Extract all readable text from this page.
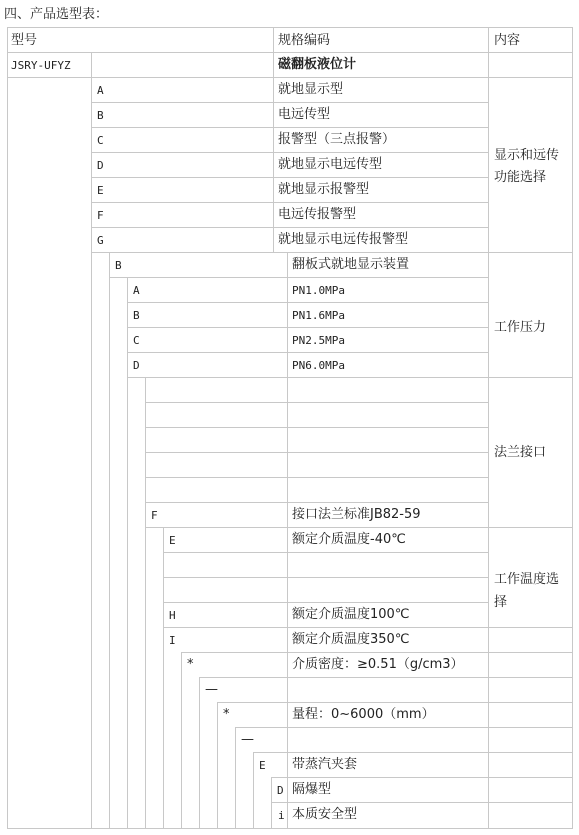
四、产品选型表：
型号	规格编码	内容
JSRY-UFYZ	磁翻板液位计
A	就地显示型
B	电远传型
C	报警型（三点报警）
D	就地显示电远传型
E	就地显示报警型
F	电远传报警型
G	就地显示电远传报警型
显示和远传功能选择
B	翻板式就地显示装置
A	PN1.0MPa
B	PN1.6MPa
C	PN2.5MPa
D	PN6.0MPa
工作压力
法兰接口
F	接口法兰标准JB82-59
E	额定介质温度-40℃
H	额定介质温度100℃
I	额定介质温度350℃
工作温度选择
*	介质密度：≥0.51（g/cm3）
—
*	量程：0~6000（mm）
—
E 带蒸汽夹套
D 隔爆型
i 本质安全型
